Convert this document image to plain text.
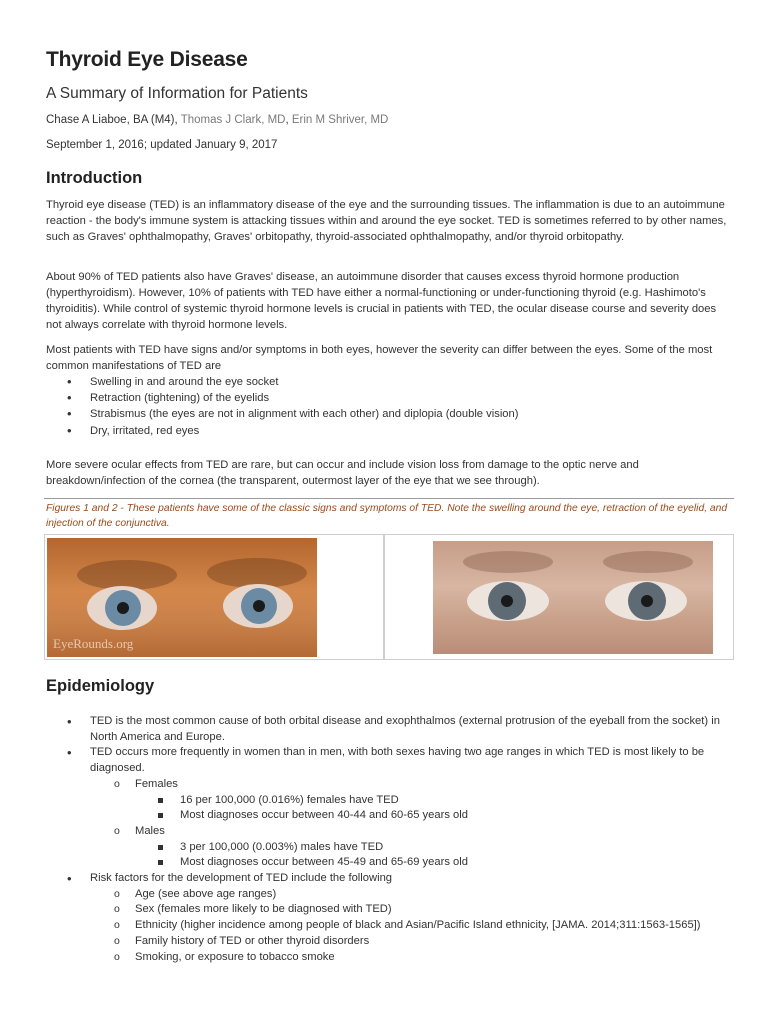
Thyroid Eye Disease
A Summary of Information for Patients
Chase A Liaboe, BA (M4), Thomas J Clark, MD, Erin M Shriver, MD
September 1, 2016; updated January 9, 2017
Introduction

Thyroid eye disease (TED) is an inflammatory disease of the eye and the surrounding tissues. The inflammation is due to an autoimmune reaction - the body's immune system is attacking tissues within and around the eye socket. TED is sometimes referred to by other names, such as Graves' ophthalmopathy, Graves' orbitopathy, thyroid-associated ophthalmopathy, and/or thyroid orbitopathy.

About 90% of TED patients also have Graves' disease, an autoimmune disorder that causes excess thyroid hormone production (hyperthyroidism). However, 10% of patients with TED have either a normal-functioning or under-functioning thyroid (e.g. Hashimoto's thyroiditis). While control of systemic thyroid hormone levels is crucial in patients with TED, the ocular disease course and severity does not always correlate with thyroid hormone levels.

Most patients with TED have signs and/or symptoms in both eyes, however the severity can differ between the eyes. Some of the most common manifestations of TED are

• Swelling in and around the eye socket
• Retraction (tightening) of the eyelids
• Strabismus (the eyes are not in alignment with each other) and diplopia (double vision)
• Dry, irritated, red eyes

More severe ocular effects from TED are rare, but can occur and include vision loss from damage to the optic nerve and breakdown/infection of the cornea (the transparent, outermost layer of the eye that we see through).

Figures 1 and 2 - These patients have some of the classic signs and symptoms of TED. Note the swelling around the eye, retraction of the eyelid, and injection of the conjunctiva.
EyeRounds.org
Epidemiology
• TED is the most common cause of both orbital disease and exophthalmos (external protrusion of the eyeball from the socket) in North America and Europe.
• TED occurs more frequently in women than in men, with both sexes having two age ranges in which TED is most likely to be diagnosed.
o Females
16 per 100,000 (0.016%) females have TED
Most diagnoses occur between 40-44 and 60-65 years old
o Males
3 per 100,000 (0.003%) males have TED
Most diagnoses occur between 45-49 and 65-69 years old
• Risk factors for the development of TED include the following
o Age (see above age ranges)
o Sex (females more likely to be diagnosed with TED)
o Ethnicity (higher incidence among people of black and Asian/Pacific Island ethnicity, [JAMA. 2014;311:1563-1565])
o Family history of TED or other thyroid disorders
o Smoking, or exposure to tobacco smoke
